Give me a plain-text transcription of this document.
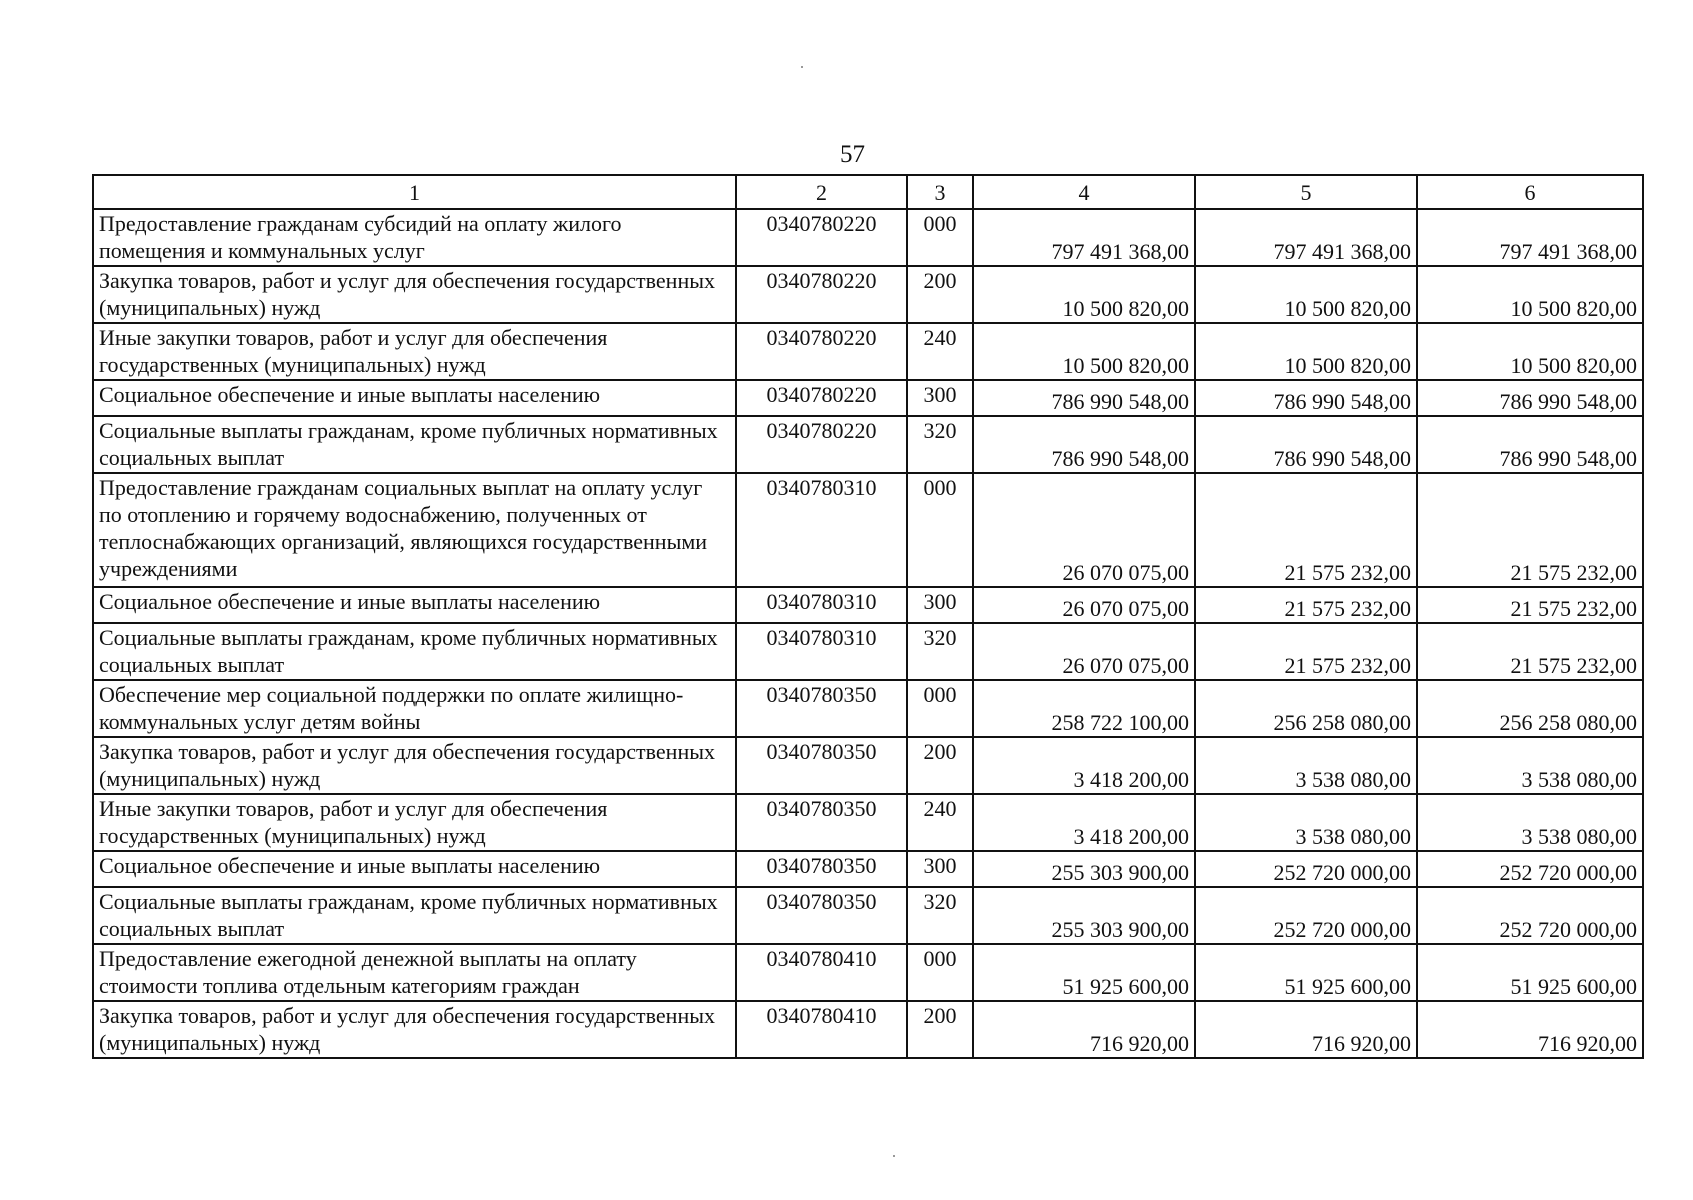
57
1	2	3	4	5	6
Предоставление гражданам субсидий на оплату жилого помещения и коммунальных услуг	0340780220	000	797 491 368,00	797 491 368,00	797 491 368,00
Закупка товаров, работ и услуг для обеспечения государственных (муниципальных) нужд	0340780220	200	10 500 820,00	10 500 820,00	10 500 820,00
Иные закупки товаров, работ и услуг для обеспечения государственных (муниципальных) нужд	0340780220	240	10 500 820,00	10 500 820,00	10 500 820,00
Социальное обеспечение и иные выплаты населению	0340780220	300	786 990 548,00	786 990 548,00	786 990 548,00
Социальные выплаты гражданам, кроме публичных нормативных социальных выплат	0340780220	320	786 990 548,00	786 990 548,00	786 990 548,00
Предоставление гражданам социальных выплат на оплату услуг по отоплению и горячему водоснабжению, полученных от теплоснабжающих организаций, являющихся государственными учреждениями	0340780310	000	26 070 075,00	21 575 232,00	21 575 232,00
Социальное обеспечение и иные выплаты населению	0340780310	300	26 070 075,00	21 575 232,00	21 575 232,00
Социальные выплаты гражданам, кроме публичных нормативных социальных выплат	0340780310	320	26 070 075,00	21 575 232,00	21 575 232,00
Обеспечение мер социальной поддержки по оплате жилищно-коммунальных услуг детям войны	0340780350	000	258 722 100,00	256 258 080,00	256 258 080,00
Закупка товаров, работ и услуг для обеспечения государственных (муниципальных) нужд	0340780350	200	3 418 200,00	3 538 080,00	3 538 080,00
Иные закупки товаров, работ и услуг для обеспечения государственных (муниципальных) нужд	0340780350	240	3 418 200,00	3 538 080,00	3 538 080,00
Социальное обеспечение и иные выплаты населению	0340780350	300	255 303 900,00	252 720 000,00	252 720 000,00
Социальные выплаты гражданам, кроме публичных нормативных социальных выплат	0340780350	320	255 303 900,00	252 720 000,00	252 720 000,00
Предоставление ежегодной денежной выплаты на оплату стоимости топлива отдельным категориям граждан	0340780410	000	51 925 600,00	51 925 600,00	51 925 600,00
Закупка товаров, работ и услуг для обеспечения государственных (муниципальных) нужд	0340780410	200	716 920,00	716 920,00	716 920,00
